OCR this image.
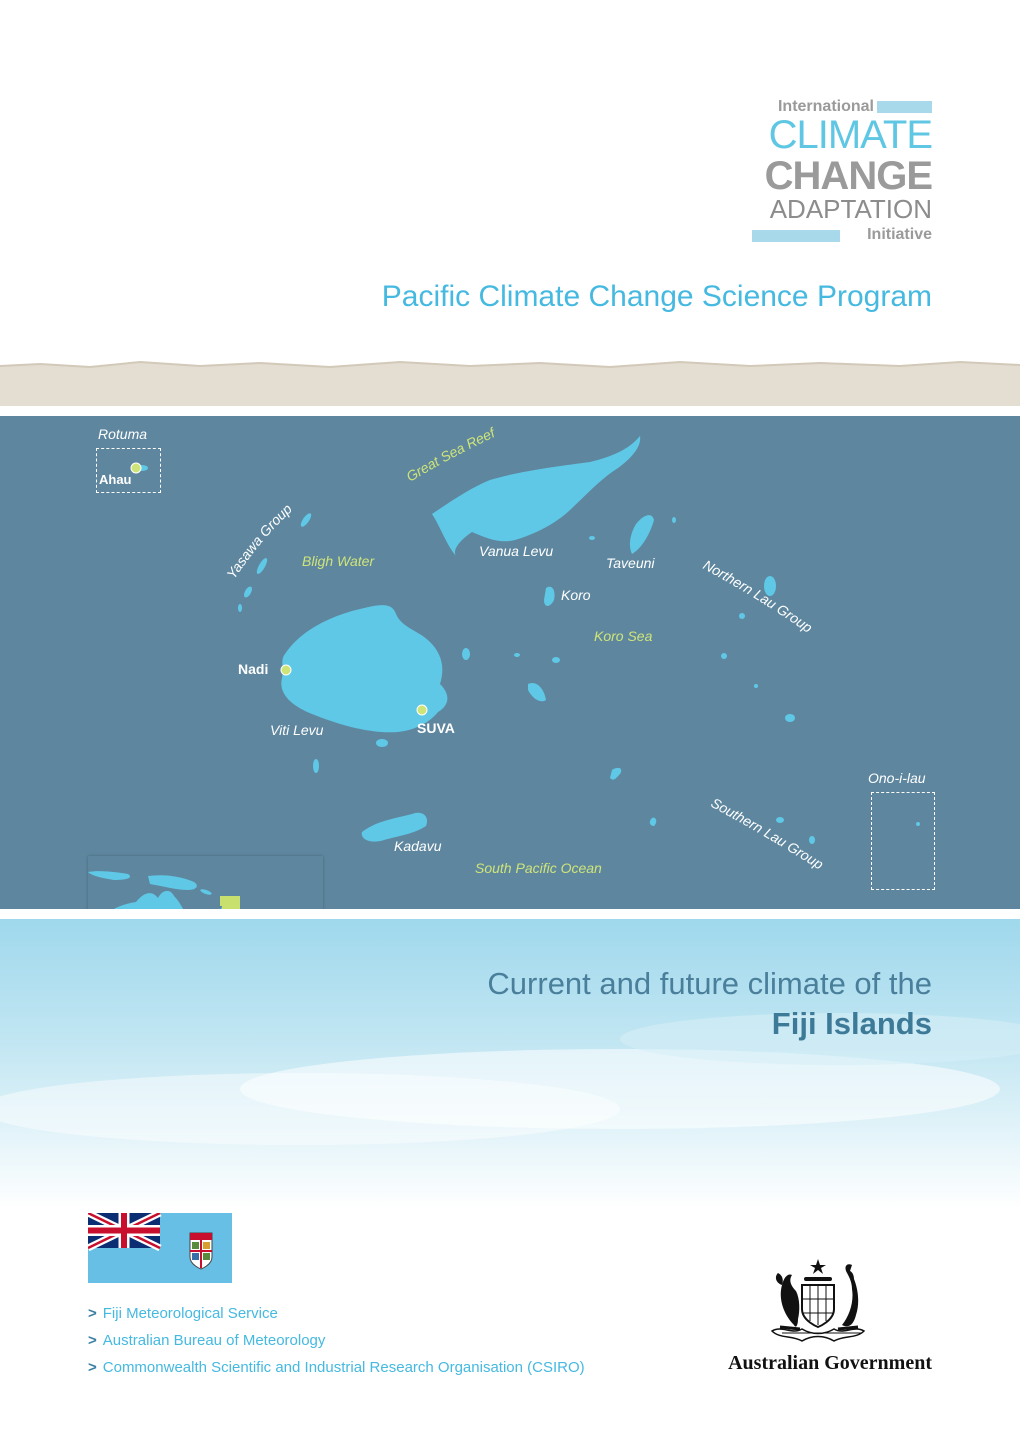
International
CLIMATE
CHANGE
ADAPTATION
Initiative
Pacific Climate Change Science Program
Great Sea Reef
Yasawa Group
Northern Lau Group
Southern Lau Group
Rotuma
Ahau
Bligh Water
Vanua Levu
Taveuni
Koro
Koro Sea
Nadi
Viti Levu	SUVA
Ono-i-lau
Kadavu
South Pacific Ocean
Current and future climate of the
Fiji Islands
> Fiji Meteorological Service
> Australian Bureau of Meteorology
> Commonwealth Scientific and Industrial Research Organisation (CSIRO)	Australian Government
